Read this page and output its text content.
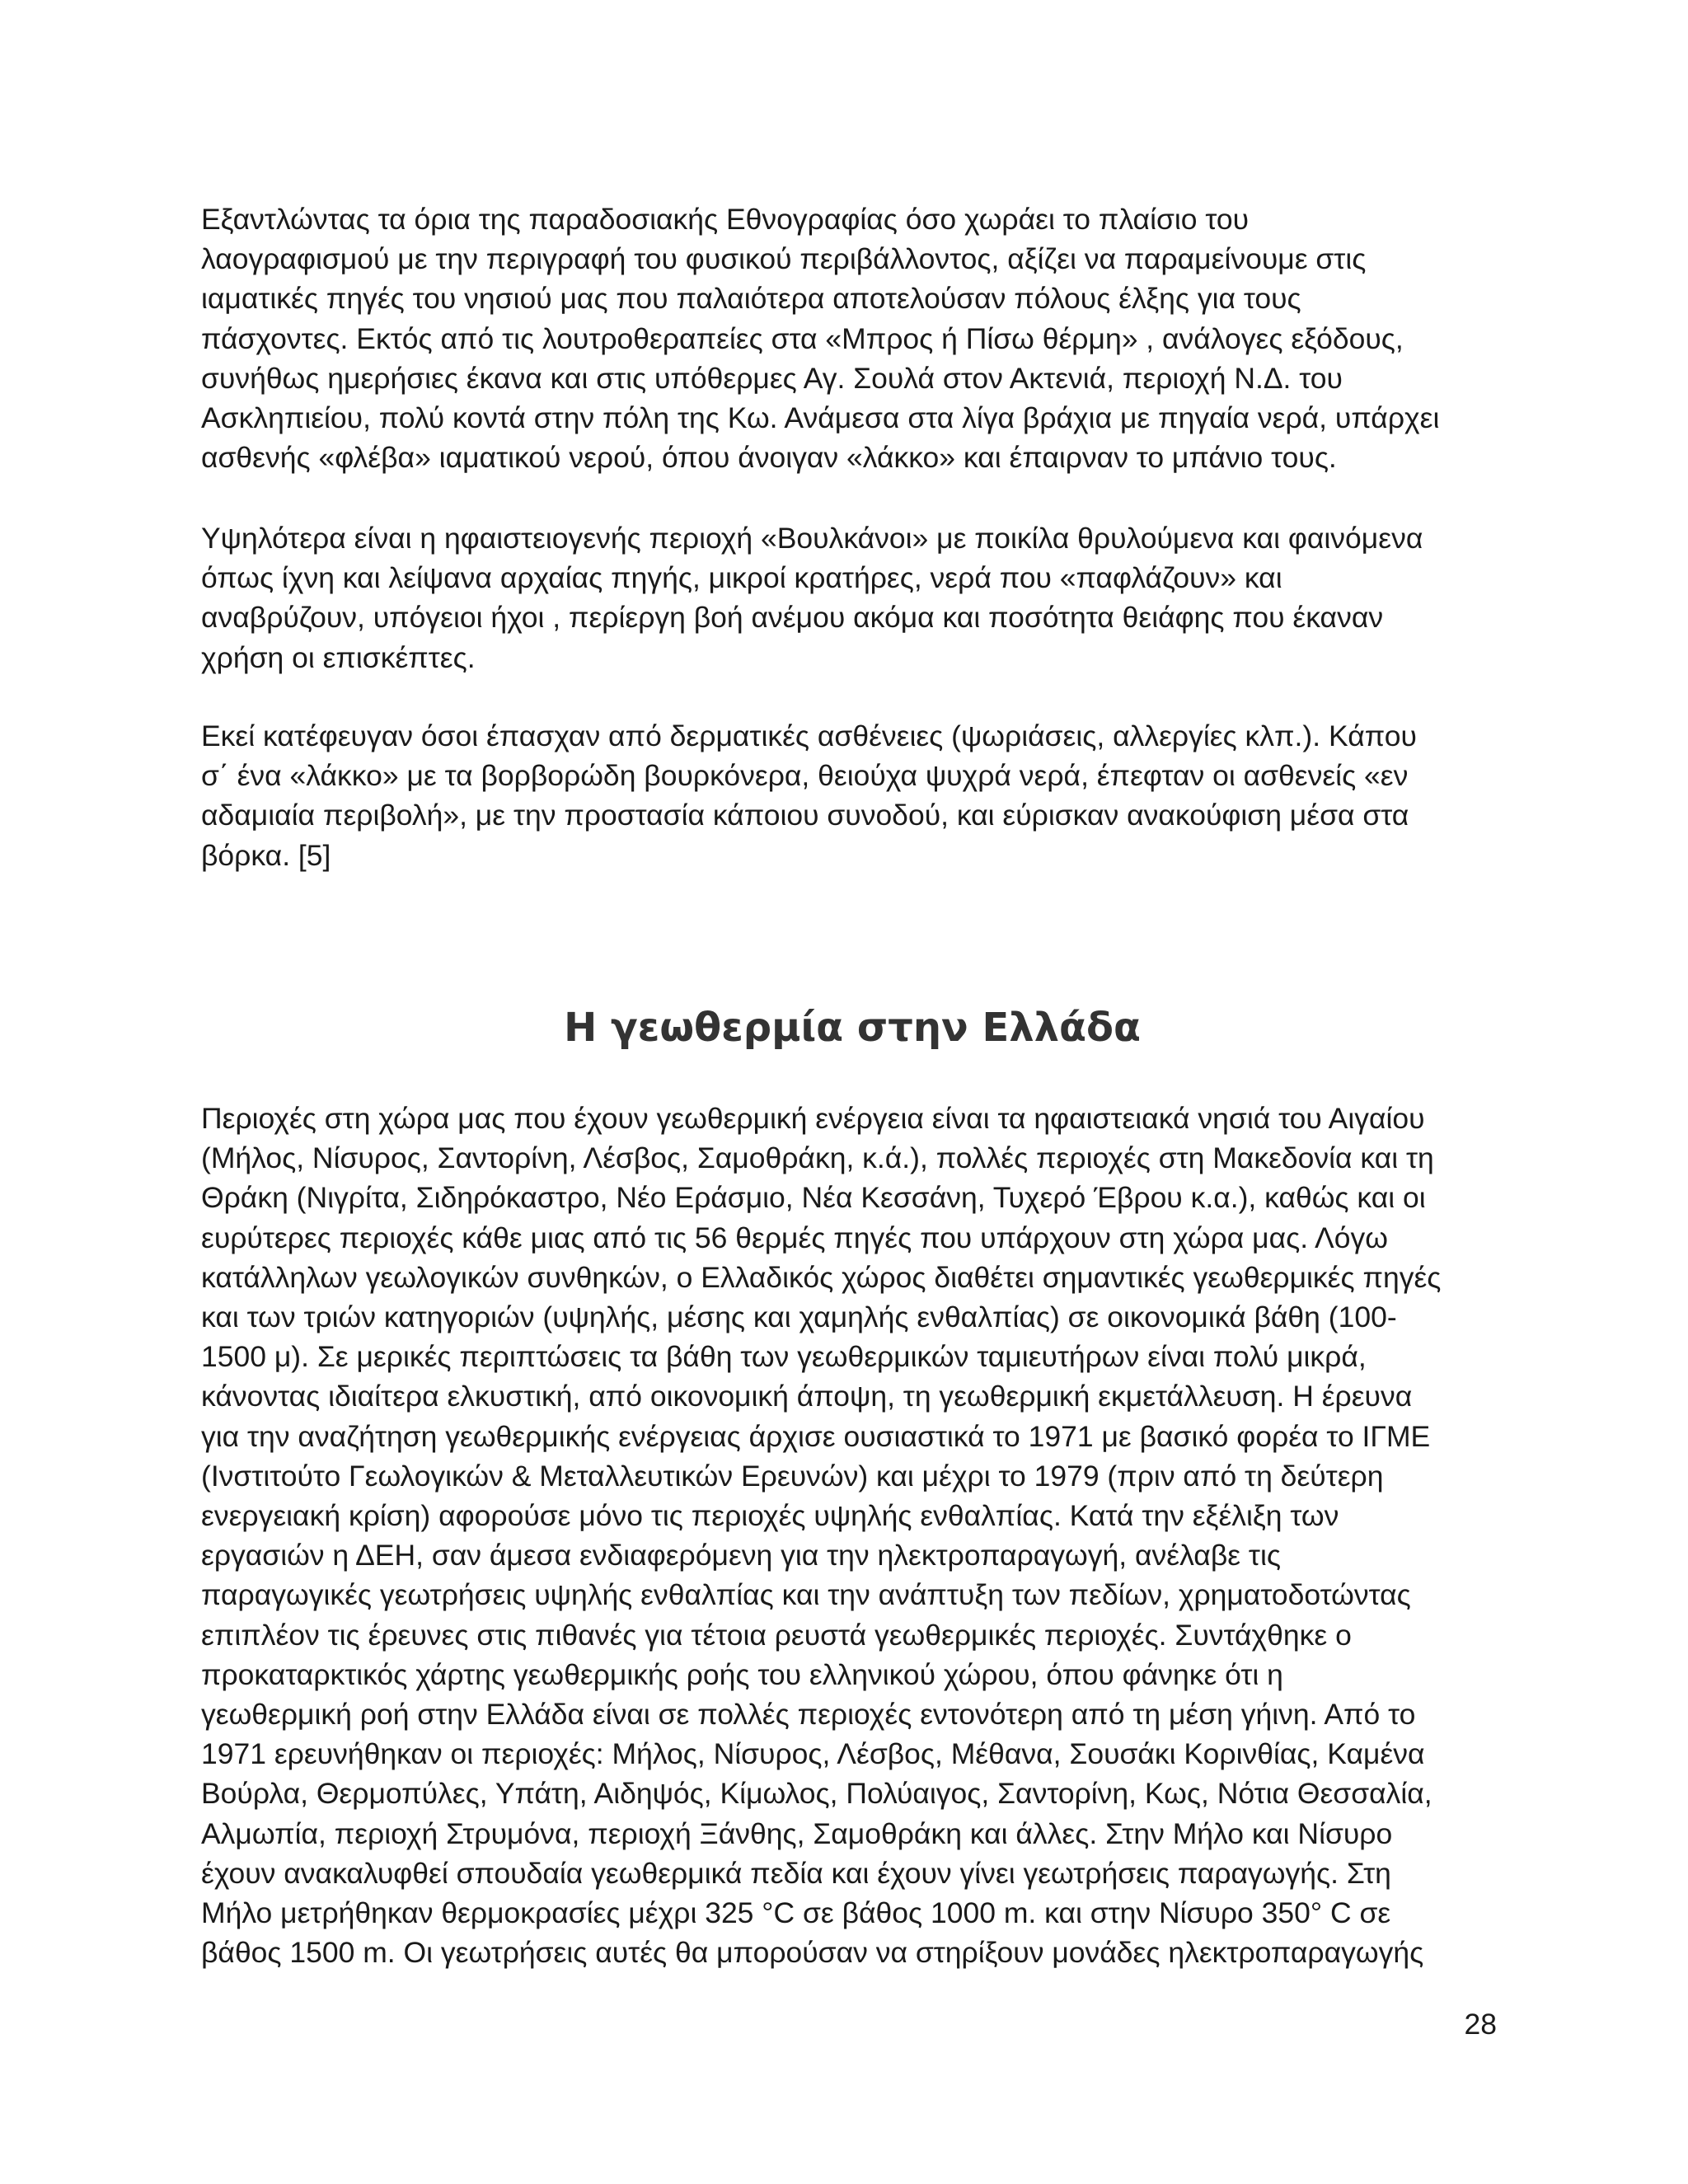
Εξαντλώντας τα όρια της παραδοσιακής Εθνογραφίας όσο χωράει το πλαίσιο του
λαογραφισμού με την περιγραφή του φυσικού περιβάλλοντος, αξίζει να παραμείνουμε στις
ιαματικές πηγές του νησιού μας που παλαιότερα αποτελούσαν πόλους έλξης για τους
πάσχοντες. Εκτός από τις λουτροθεραπείες στα «Μπρος ή Πίσω θέρμη» , ανάλογες εξόδους,
συνήθως ημερήσιες έκανα και στις υπόθερμες Αγ. Σουλά στον Ακτενιά, περιοχή Ν.Δ. του
Ασκληπιείου, πολύ κοντά στην πόλη της Κω. Ανάμεσα στα λίγα βράχια με πηγαία νερά, υπάρχει
ασθενής «φλέβα» ιαματικού νερού, όπου άνοιγαν «λάκκο» και έπαιρναν το μπάνιο τους.

Υψηλότερα είναι η ηφαιστειογενής περιοχή «Βουλκάνοι» με ποικίλα θρυλούμενα και φαινόμενα
όπως ίχνη και λείψανα αρχαίας πηγής, μικροί κρατήρες, νερά που «παφλάζουν» και
αναβρύζουν, υπόγειοι ήχοι , περίεργη βοή ανέμου ακόμα και ποσότητα θειάφης που έκαναν
χρήση οι επισκέπτες.

Εκεί κατέφευγαν όσοι έπασχαν από δερματικές ασθένειες (ψωριάσεις, αλλεργίες κλπ.). Κάπου
σ΄ ένα «λάκκο» με τα βορβορώδη βουρκόνερα, θειούχα ψυχρά νερά, έπεφταν οι ασθενείς «εν
αδαμιαία περιβολή», με την προστασία κάποιου συνοδού, και εύρισκαν ανακούφιση μέσα στα
βόρκα. [5]

Η γεωθερμία στην Ελλάδα

Περιοχές στη χώρα μας που έχουν γεωθερμική ενέργεια είναι τα ηφαιστειακά νησιά του Αιγαίου
(Μήλος, Νίσυρος, Σαντορίνη, Λέσβος, Σαμοθράκη, κ.ά.), πολλές περιοχές στη Μακεδονία και τη
Θράκη (Νιγρίτα, Σιδηρόκαστρο, Νέο Εράσμιο, Νέα Κεσσάνη, Τυχερό Έβρου κ.α.), καθώς και οι
ευρύτερες περιοχές κάθε μιας από τις 56 θερμές πηγές που υπάρχουν στη χώρα μας. Λόγω
κατάλληλων γεωλογικών συνθηκών, ο Ελλαδικός χώρος διαθέτει σημαντικές γεωθερμικές πηγές
και των τριών κατηγοριών (υψηλής, μέσης και χαμηλής ενθαλπίας) σε οικονομικά βάθη (100-
1500 μ). Σε μερικές περιπτώσεις τα βάθη των γεωθερμικών ταμιευτήρων είναι πολύ μικρά,
κάνοντας ιδιαίτερα ελκυστική, από οικονομική άποψη, τη γεωθερμική εκμετάλλευση. Η έρευνα
για την αναζήτηση γεωθερμικής ενέργειας άρχισε ουσιαστικά το 1971 με βασικό φορέα το ΙΓΜΕ
(Ινστιτούτο Γεωλογικών & Μεταλλευτικών Ερευνών) και μέχρι το 1979 (πριν από τη δεύτερη
ενεργειακή κρίση) αφορούσε μόνο τις περιοχές υψηλής ενθαλπίας. Κατά την εξέλιξη των
εργασιών η ΔΕΗ, σαν άμεσα ενδιαφερόμενη για την ηλεκτροπαραγωγή, ανέλαβε τις
παραγωγικές γεωτρήσεις υψηλής ενθαλπίας και την ανάπτυξη των πεδίων, χρηματοδοτώντας
επιπλέον τις έρευνες στις πιθανές για τέτοια ρευστά γεωθερμικές περιοχές. Συντάχθηκε ο
προκαταρκτικός χάρτης γεωθερμικής ροής του ελληνικού χώρου, όπου φάνηκε ότι η
γεωθερμική ροή στην Ελλάδα είναι σε πολλές περιοχές εντονότερη από τη μέση γήινη. Από το
1971 ερευνήθηκαν οι περιοχές: Μήλος, Νίσυρος, Λέσβος, Μέθανα, Σουσάκι Κορινθίας, Καμένα
Βούρλα, Θερμοπύλες, Υπάτη, Αιδηψός, Κίμωλος, Πολύαιγος, Σαντορίνη, Κως, Νότια Θεσσαλία,
Αλμωπία, περιοχή Στρυμόνα, περιοχή Ξάνθης, Σαμοθράκη και άλλες. Στην Μήλο και Νίσυρο
έχουν ανακαλυφθεί σπουδαία γεωθερμικά πεδία και έχουν γίνει γεωτρήσεις παραγωγής. Στη
Μήλο μετρήθηκαν θερμοκρασίες μέχρι 325 °C σε βάθος 1000 m. και στην Νίσυρο 350° C σε
βάθος 1500 m. Οι γεωτρήσεις αυτές θα μπορούσαν να στηρίξουν μονάδες ηλεκτροπαραγωγής

28
